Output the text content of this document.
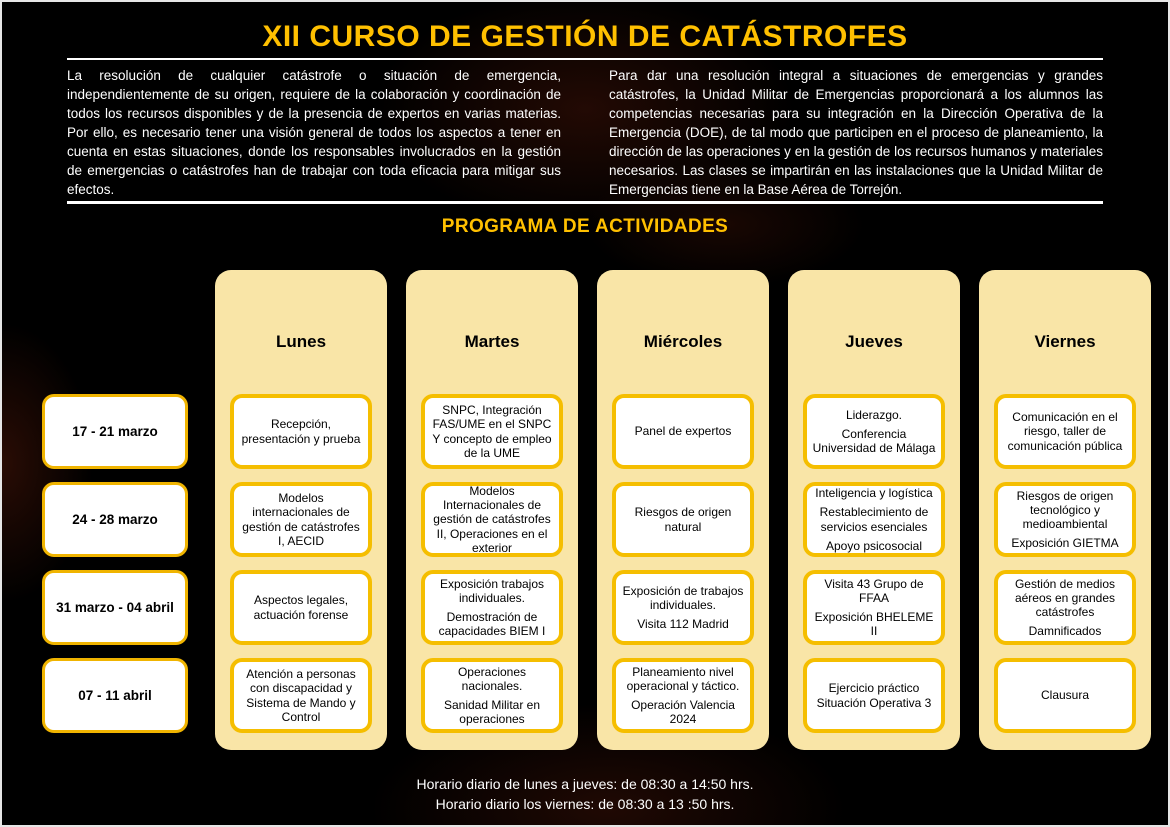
XII CURSO DE GESTIÓN DE CATÁSTROFES

La resolución de cualquier catástrofe o situación de emergencia, independientemente de su origen, requiere de la colaboración y coordinación de todos los recursos disponibles y de la presencia de expertos en varias materias. Por ello, es necesario tener una visión general de todos los aspectos a tener en cuenta en estas situaciones, donde los responsables involucrados en la gestión de emergencias o catástrofes han de trabajar con toda eficacia para mitigar sus efectos.

Para dar una resolución integral a situaciones de emergencias y grandes catástrofes, la Unidad Militar de Emergencias proporcionará a los alumnos las competencias necesarias para su integración en la Dirección Operativa de la Emergencia (DOE), de tal modo que participen en el proceso de planeamiento, la dirección de las operaciones y en la gestión de los recursos humanos y materiales necesarios. Las clases se impartirán en las instalaciones que la Unidad Militar de Emergencias tiene en la Base Aérea de Torrejón.

PROGRAMA DE ACTIVIDADES
17 - 21 marzo
24 - 28 marzo
31 marzo - 04 abril
07 - 11 abril
Lunes

Recepción, presentación y prueba

Modelos internacionales de gestión de catástrofes I, AECID

Aspectos legales, actuación forense

Atención a personas con discapacidad y Sistema de Mando y Control

Martes

SNPC, Integración FAS/UME en el SNPC Y concepto de empleo de la UME

Modelos Internacionales de gestión de catástrofes II, Operaciones en el exterior

Exposición trabajos individuales.

Demostración de capacidades BIEM I

Operaciones nacionales.

Sanidad Militar en operaciones

Miércoles

Panel de expertos

Riesgos de origen natural

Exposición de trabajos individuales.

Visita 112 Madrid

Planeamiento nivel operacional y táctico.

Operación Valencia 2024

Jueves

Liderazgo.

Conferencia Universidad de Málaga

Inteligencia y logística

Restablecimiento de servicios esenciales

Apoyo psicosocial

Visita 43 Grupo de FFAA

Exposición BHELEME II

Ejercicio práctico Situación Operativa 3

Viernes

Comunicación en el riesgo, taller de comunicación pública

Riesgos de origen tecnológico y medioambiental

Exposición GIETMA

Gestión de medios aéreos en grandes catástrofes

Damnificados

Clausura

Horario diario de lunes a jueves: de 08:30 a 14:50 hrs.
Horario diario los viernes: de 08:30 a 13 :50 hrs.
